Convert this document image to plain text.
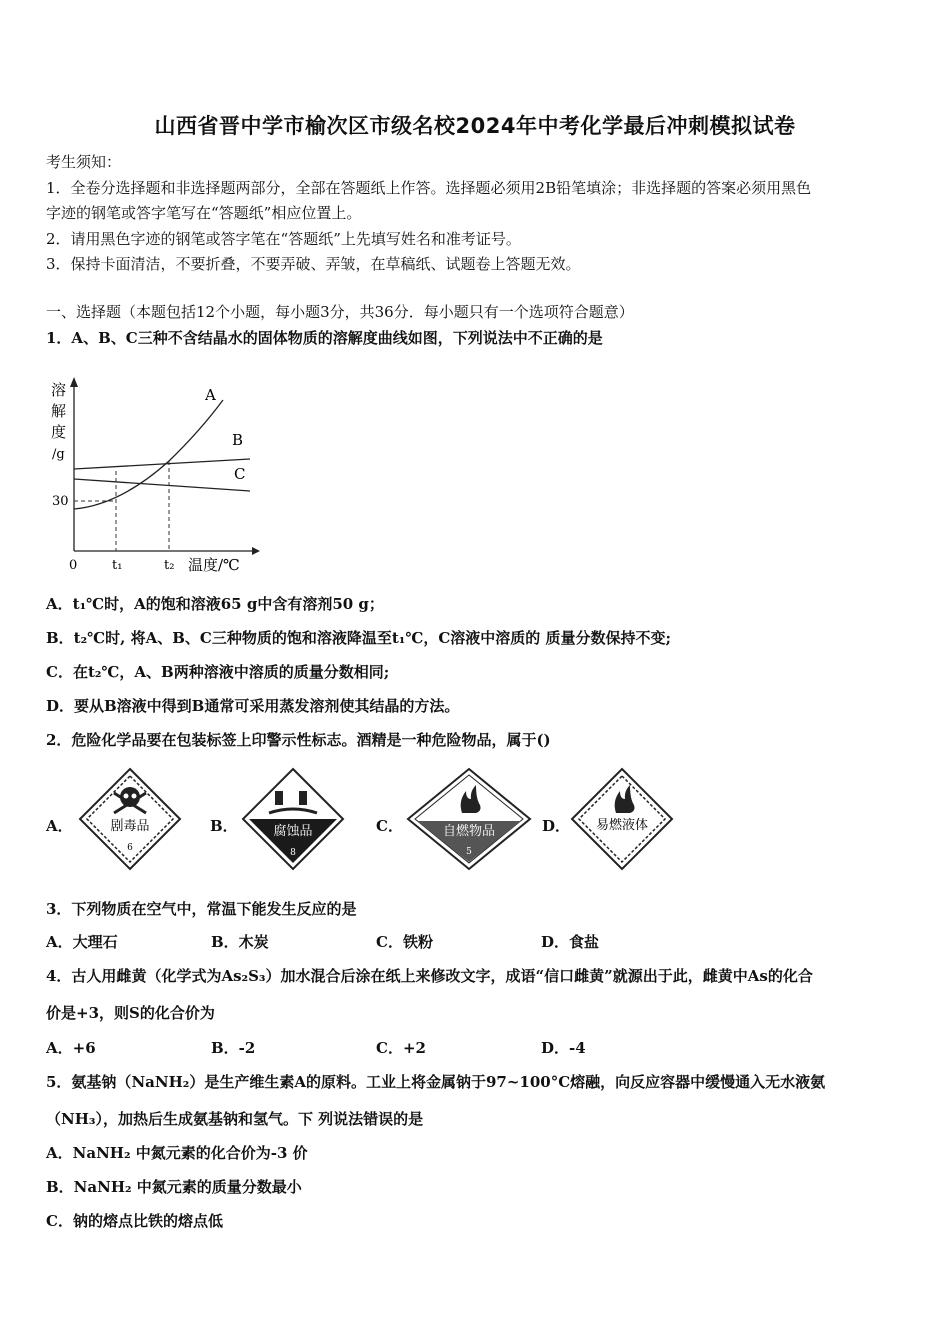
山西省晋中学市榆次区市级名校2024年中考化学最后冲刺模拟试卷
考生须知：
1．全卷分选择题和非选择题两部分，全部在答题纸上作答。选择题必须用2B铅笔填涂；非选择题的答案必须用黑色
字迹的钢笔或答字笔写在“答题纸”相应位置上。
2．请用黑色字迹的钢笔或答字笔在“答题纸”上先填写姓名和准考证号。
3．保持卡面清洁，不要折叠，不要弄破、弄皱，在草稿纸、试题卷上答题无效。
一、选择题（本题包括12个小题，每小题3分，共36分．每小题只有一个选项符合题意）
1．A、B、C三种不含结晶水的固体物质的溶解度曲线如图，下列说法中不正确的是
溶
解
度
/g
0
30
t₁	t₂ 温度/℃
A
B
C
A．t₁℃时，A的饱和溶液65 g中含有溶剂50 g；
B．t₂℃时, 将A、B、C三种物质的饱和溶液降温至t₁℃，C溶液中溶质的 质量分数保持不变;
C．在t₂℃，A、B两种溶液中溶质的质量分数相同;
D．要从B溶液中得到B通常可采用蒸发溶剂使其结晶的方法。
2．危险化学品要在包装标签上印警示性标志。酒精是一种危险物品，属于()
A．	剧毒品
6
B．	腐蚀品
8
C．	自燃物品
5
D． 易燃液体
3．下列物质在空气中，常温下能发生反应的是
A．大理石	B．木炭	C．铁粉	D．食盐
4．古人用雌黄（化学式为As₂S₃）加水混合后涂在纸上来修改文字，成语“信口雌黄”就源出于此，雌黄中As的化合
价是+3，则S的化合价为
A．+6	B．-2	C．+2	D．-4
5．氨基钠（NaNH₂）是生产维生素A的原料。工业上将金属钠于97~100°C熔融，向反应容器中缓慢通入无水液氨
（NH₃），加热后生成氨基钠和氢气。下 列说法错误的是
A．NaNH₂ 中氮元素的化合价为-3 价
B．NaNH₂ 中氮元素的质量分数最小
C．钠的熔点比铁的熔点低
